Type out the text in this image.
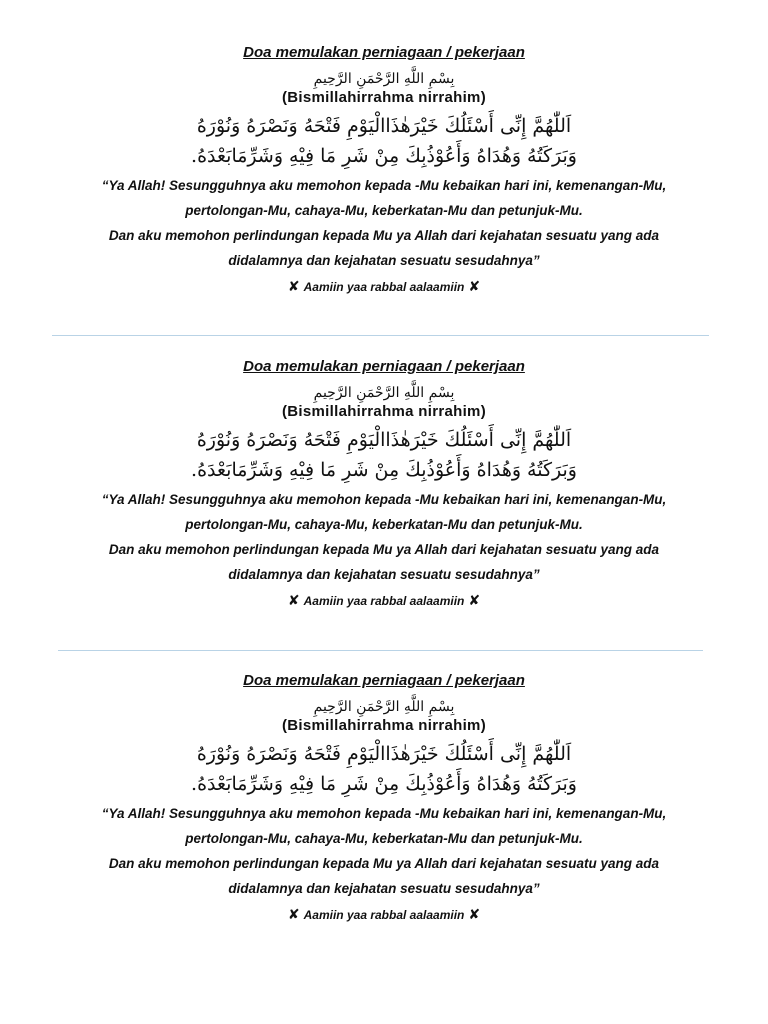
Doa memulakan perniagaan / pekerjaan
بِسْمِ اللَّهِ الرَّحْمَنِ الرَّحِيمِ
(Bismillahirrahma nirrahim)
اَللّٰهُمَّ إِنِّى أَسْئَلُكَ خَيْرَهٰذَاالْيَوْمِ فَتْحَهُ وَنَصْرَهُ وَنُوْرَهُ
وَبَرَكَتُهُ وَهُدَاهُ وَأَعُوْذُبِكَ مِنْ شَرِ مَا فِيْهِ وَشَرِّمَابَعْدَهُ.
“Ya Allah! Sesungguhnya aku memohon kepada -Mu kebaikan hari ini, kemenangan-Mu,
pertolongan-Mu, cahaya-Mu, keberkatan-Mu dan petunjuk-Mu.
Dan aku memohon perlindungan kepada Mu ya Allah dari kejahatan sesuatu yang ada
didalamnya dan kejahatan sesuatu sesudahnya”
✘ Aamiin yaa rabbal aalaamiin ✘
Doa memulakan perniagaan / pekerjaan
بِسْمِ اللَّهِ الرَّحْمَنِ الرَّحِيمِ
(Bismillahirrahma nirrahim)
اَللّٰهُمَّ إِنِّى أَسْئَلُكَ خَيْرَهٰذَاالْيَوْمِ فَتْحَهُ وَنَصْرَهُ وَنُوْرَهُ
وَبَرَكَتُهُ وَهُدَاهُ وَأَعُوْذُبِكَ مِنْ شَرِ مَا فِيْهِ وَشَرِّمَابَعْدَهُ.
“Ya Allah! Sesungguhnya aku memohon kepada -Mu kebaikan hari ini, kemenangan-Mu,
pertolongan-Mu, cahaya-Mu, keberkatan-Mu dan petunjuk-Mu.
Dan aku memohon perlindungan kepada Mu ya Allah dari kejahatan sesuatu yang ada
didalamnya dan kejahatan sesuatu sesudahnya”
✘ Aamiin yaa rabbal aalaamiin ✘
Doa memulakan perniagaan / pekerjaan
بِسْمِ اللَّهِ الرَّحْمَنِ الرَّحِيمِ
(Bismillahirrahma nirrahim)
اَللّٰهُمَّ إِنِّى أَسْئَلُكَ خَيْرَهٰذَاالْيَوْمِ فَتْحَهُ وَنَصْرَهُ وَنُوْرَهُ
وَبَرَكَتُهُ وَهُدَاهُ وَأَعُوْذُبِكَ مِنْ شَرِ مَا فِيْهِ وَشَرِّمَابَعْدَهُ.
“Ya Allah! Sesungguhnya aku memohon kepada -Mu kebaikan hari ini, kemenangan-Mu,
pertolongan-Mu, cahaya-Mu, keberkatan-Mu dan petunjuk-Mu.
Dan aku memohon perlindungan kepada Mu ya Allah dari kejahatan sesuatu yang ada
didalamnya dan kejahatan sesuatu sesudahnya”
✘ Aamiin yaa rabbal aalaamiin ✘
